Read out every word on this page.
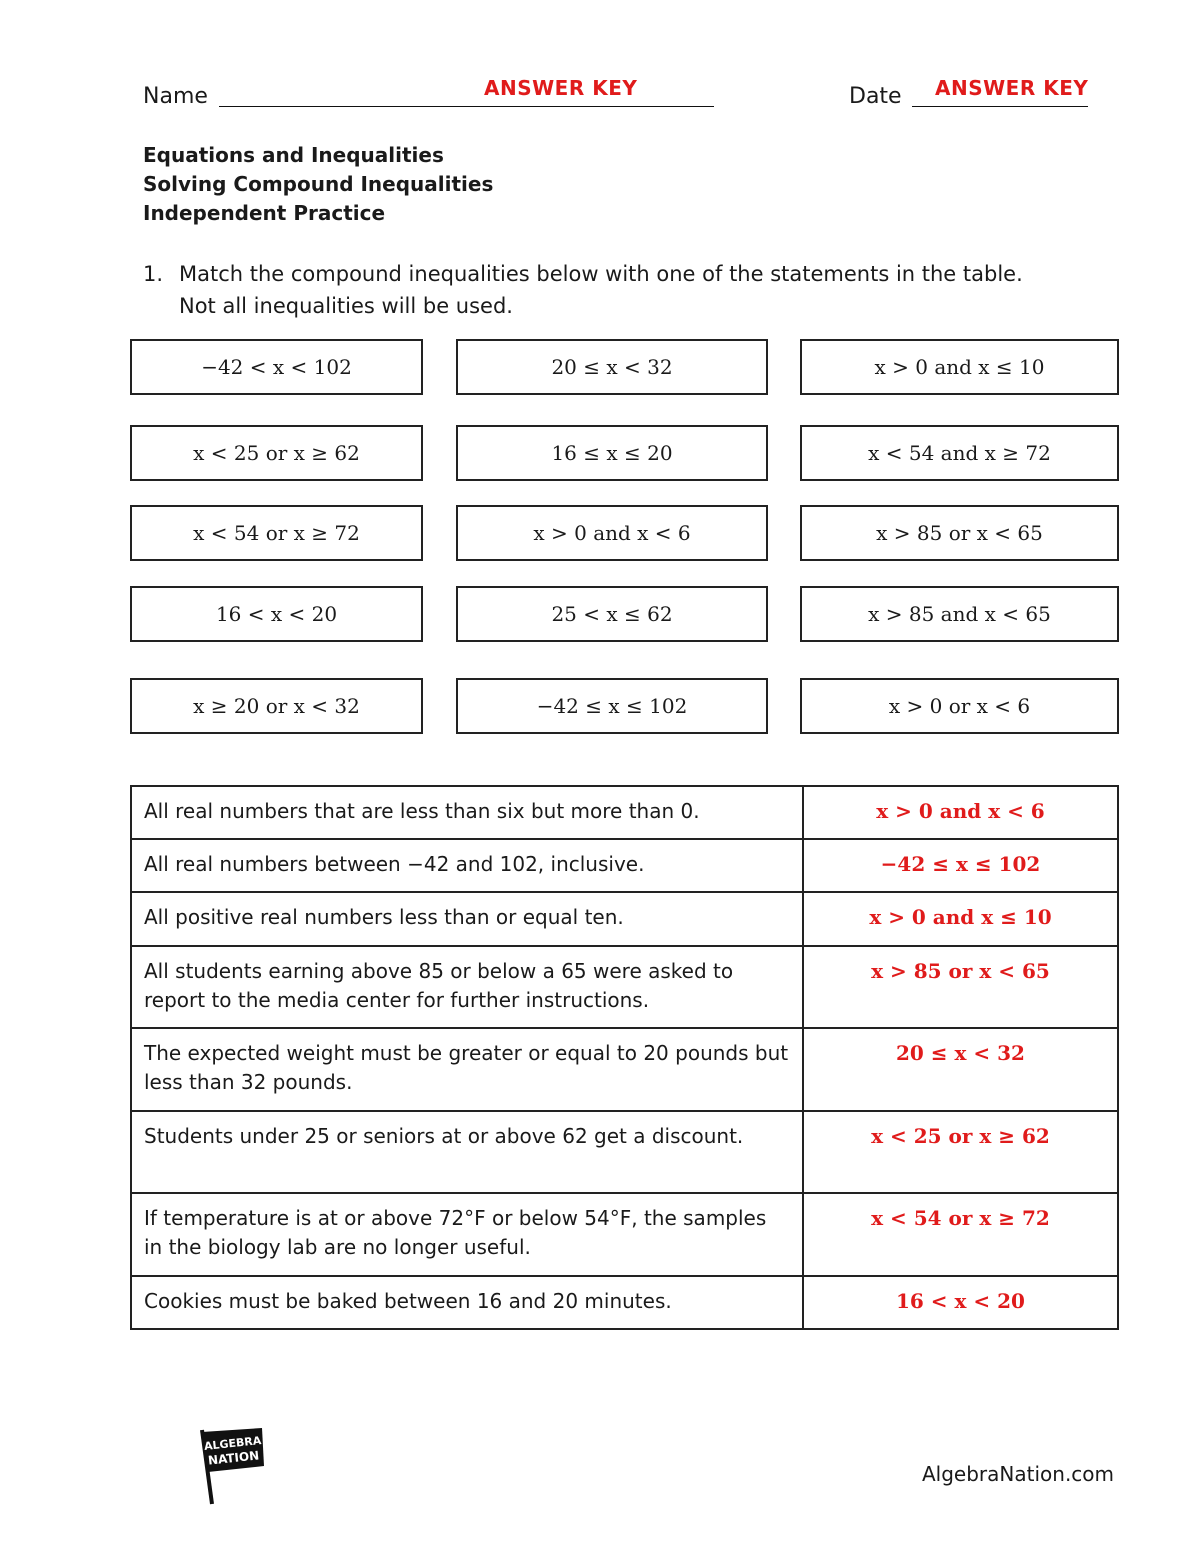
Name	ANSWER KEY	Date ANSWER KEY
Equations and Inequalities
Solving Compound Inequalities
Independent Practice
1. Match the compound inequalities below with one of the statements in the table.
Not all inequalities will be used.
−42 < x < 102	20 ≤ x < 32	x > 0 and x ≤ 10
x < 25 or x ≥ 62	16 ≤ x ≤ 20	x < 54 and x ≥ 72
x < 54 or x ≥ 72	x > 0 and x < 6	x > 85 or x < 65
16 < x < 20	25 < x ≤ 62	x > 85 and x < 65
x ≥ 20 or x < 32	−42 ≤ x ≤ 102	x > 0 or x < 6
All real numbers that are less than six but more than 0.	x > 0 and x < 6
All real numbers between −42 and 102, inclusive.	−42 ≤ x ≤ 102
All positive real numbers less than or equal ten.	x > 0 and x ≤ 10
All students earning above 85 or below a 65 were asked to report to the media center for further instructions.	x > 85 or x < 65
The expected weight must be greater or equal to 20 pounds but less than 32 pounds.	20 ≤ x < 32
Students under 25 or seniors at or above 62 get a discount.	x < 25 or x ≥ 62
If temperature is at or above 72°F or below 54°F, the samples in the biology lab are no longer useful.	x < 54 or x ≥ 72
Cookies must be baked between 16 and 20 minutes.	16 < x < 20
ALGEBRA
NATION
AlgebraNation.com
